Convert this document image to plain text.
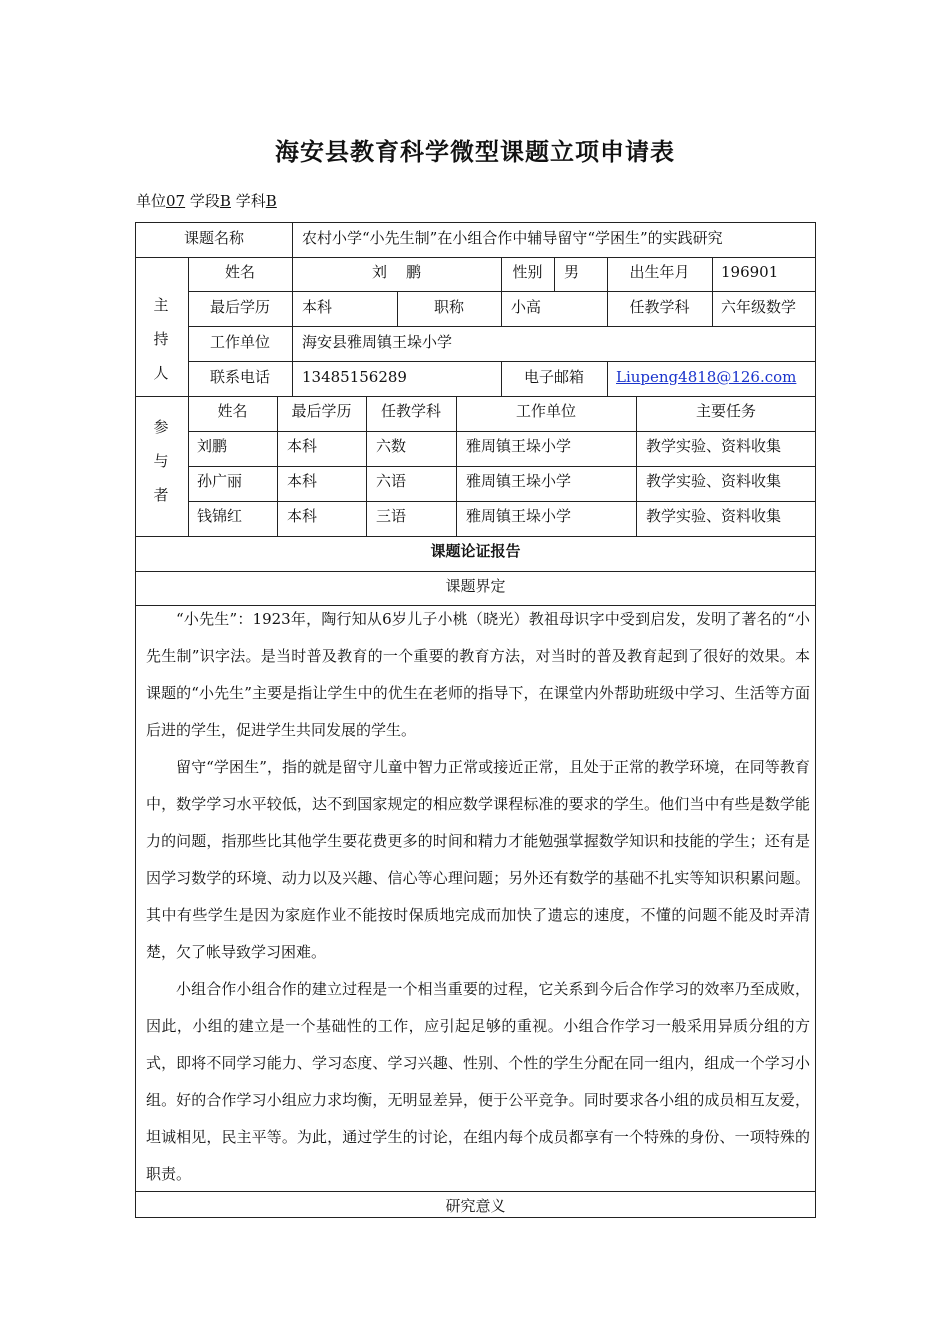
海安县教育科学微型课题立项申请表
单位07 学段B 学科B
课题名称	农村小学“小先生制”在小组合作中辅导留守“学困生”的实践研究
主
持
人
姓名	刘    鹏	性别	男	出生年月	196901
最后学历	本科	职称	小高	任教学科	六年级数学
工作单位	海安县雅周镇王垛小学
联系电话	13485156289	电子邮箱	Liupeng4818@126.com
参
与
者
姓名	最后学历	任教学科	工作单位	主要任务
刘鹏	本科	六数	雅周镇王垛小学	教学实验、资料收集
孙广丽	本科	六语	雅周镇王垛小学	教学实验、资料收集
钱锦红	本科	三语	雅周镇王垛小学	教学实验、资料收集
课题论证报告
课题界定

“小先生”：1923年，陶行知从6岁儿子小桃（晓光）教祖母识字中受到启发，发明了著名的“小先生制”识字法。是当时普及教育的一个重要的教育方法，对当时的普及教育起到了很好的效果。本课题的“小先生”主要是指让学生中的优生在老师的指导下，在课堂内外帮助班级中学习、生活等方面后进的学生，促进学生共同发展的学生。

留守“学困生”，指的就是留守儿童中智力正常或接近正常，且处于正常的教学环境，在同等教育中，数学学习水平较低，达不到国家规定的相应数学课程标准的要求的学生。他们当中有些是数学能力的问题，指那些比其他学生要花费更多的时间和精力才能勉强掌握数学知识和技能的学生；还有是因学习数学的环境、动力以及兴趣、信心等心理问题；另外还有数学的基础不扎实等知识积累问题。其中有些学生是因为家庭作业不能按时保质地完成而加快了遗忘的速度，不懂的问题不能及时弄清楚，欠了帐导致学习困难。

小组合作小组合作的建立过程是一个相当重要的过程，它关系到今后合作学习的效率乃至成败，因此，小组的建立是一个基础性的工作，应引起足够的重视。小组合作学习一般采用异质分组的方式，即将不同学习能力、学习态度、学习兴趣、性别、个性的学生分配在同一组内，组成一个学习小组。好的合作学习小组应力求均衡，无明显差异，便于公平竞争。同时要求各小组的成员相互友爱，坦诚相见，民主平等。为此，通过学生的讨论，在组内每个成员都享有一个特殊的身份、一项特殊的职责。

研究意义
